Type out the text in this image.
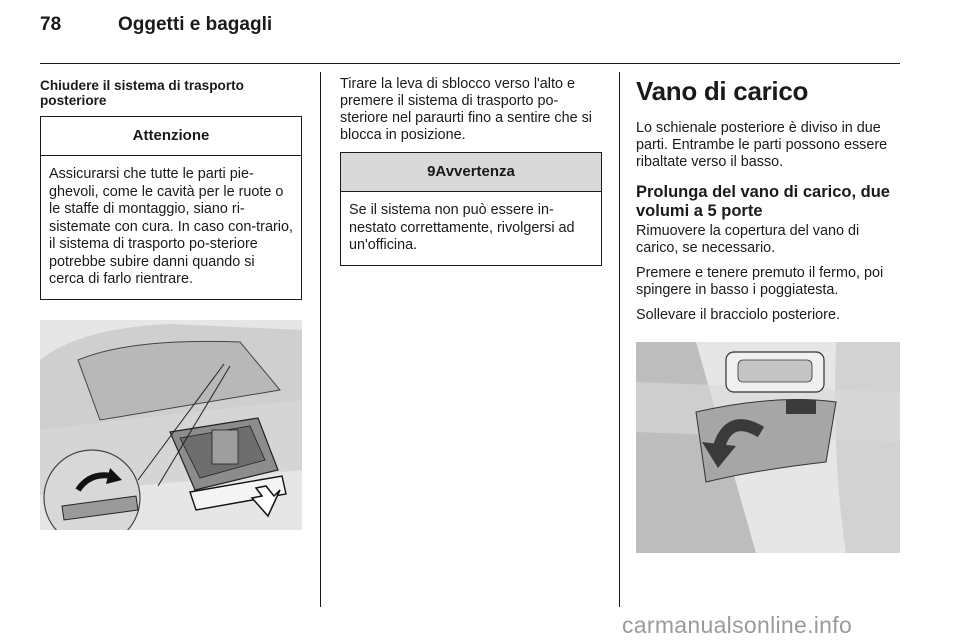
78	Oggetti e bagagli
Chiudere il sistema di trasporto posteriore
Attenzione
Assicurarsi che tutte le parti pie-ghevoli, come le cavità per le ruote o le staffe di montaggio, siano ri-sistemate con cura. In caso con-trario, il sistema di trasporto po-steriore potrebbe subire danni quando si cerca di farlo rientrare.

Tirare la leva di sblocco verso l'alto e premere il sistema di trasporto po-steriore nel paraurti fino a sentire che si blocca in posizione.

9Avvertenza
Se il sistema non può essere in-nestato correttamente, rivolgersi ad un'officina.
Vano di carico

Lo schienale posteriore è diviso in due parti. Entrambe le parti possono essere ribaltate verso il basso.

Prolunga del vano di carico, due volumi a 5 porte

Rimuovere la copertura del vano di carico, se necessario.

Premere e tenere premuto il fermo, poi spingere in basso i poggiatesta.

Sollevare il bracciolo posteriore.

carmanualsonline.info
